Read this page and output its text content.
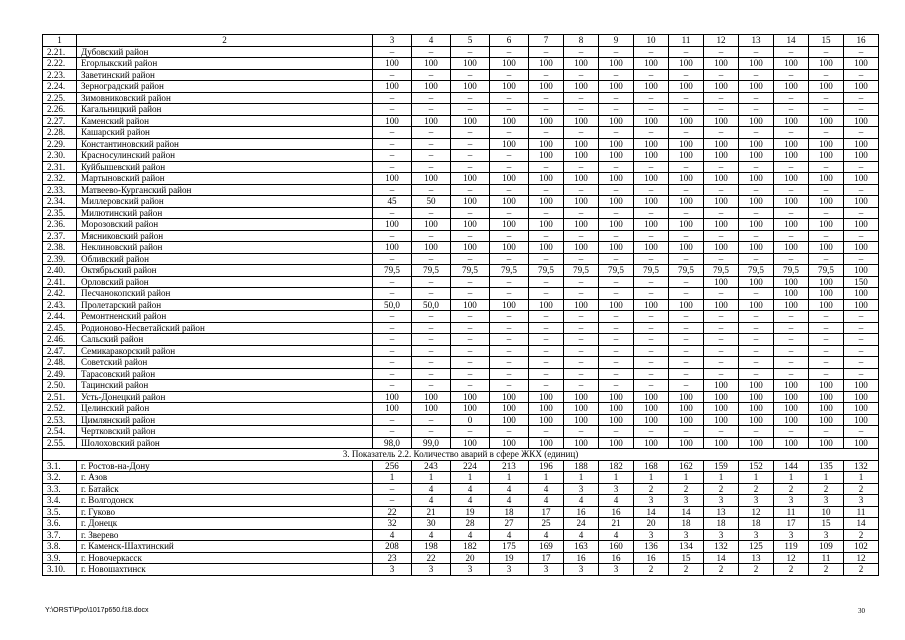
1	2	3	4	5	6	7	8	9	10	11	12	13	14	15	16
2.21.	Дубовский район	–	–	–	–	–	–	–	–	–	–	–	–	–	–
2.22.	Егорлыкский район	100	100	100	100	100	100	100	100	100	100	100	100	100	100
2.23.	Заветинский район	–	–	–	–	–	–	–	–	–	–	–	–	–	–
2.24.	Зерноградский район	100	100	100	100	100	100	100	100	100	100	100	100	100	100
2.25.	Зимовниковский район	–	–	–	–	–	–	–	–	–	–	–	–	–	–
2.26.	Кагальницкий район	–	–	–	–	–	–	–	–	–	–	–	–	–	–
2.27.	Каменский район	100	100	100	100	100	100	100	100	100	100	100	100	100	100
2.28.	Кашарский район	–	–	–	–	–	–	–	–	–	–	–	–	–	–
2.29.	Константиновский район	–	–	–	100	100	100	100	100	100	100	100	100	100	100
2.30.	Красносулинский район	–	–	–	–	100	100	100	100	100	100	100	100	100	100
2.31.	Куйбышевский район	–	–	–	–	–	–	–	–	–	–	–	–	–	–
2.32.	Мартыновский район	100	100	100	100	100	100	100	100	100	100	100	100	100	100
2.33.	Матвеево-Курганский район	–	–	–	–	–	–	–	–	–	–	–	–	–	–
2.34.	Миллеровский район	45	50	100	100	100	100	100	100	100	100	100	100	100	100
2.35.	Милютинский район	–	–	–	–	–	–	–	–	–	–	–	–	–	–
2.36.	Морозовский район	100	100	100	100	100	100	100	100	100	100	100	100	100	100
2.37.	Мясниковский район	–	–	–	–	–	–	–	–	–	–	–	–	–	–
2.38.	Неклиновский район	100	100	100	100	100	100	100	100	100	100	100	100	100	100
2.39.	Обливский район	–	–	–	–	–	–	–	–	–	–	–	–	–	–
2.40.	Октябрьский район	79,5	79,5	79,5	79,5	79,5	79,5	79,5	79,5	79,5	79,5	79,5	79,5	79,5	100
2.41.	Орловский район	–	–	–	–	–	–	–	–	–	100	100	100	100	150
2.42.	Песчанокопский район	–	–	–	–	–	–	–	–	–	–	–	100	100	100
2.43.	Пролетарский район	50,0	50,0	100	100	100	100	100	100	100	100	100	100	100	100
2.44.	Ремонтненский район	–	–	–	–	–	–	–	–	–	–	–	–	–	–
2.45.	Родионово-Несветайский район	–	–	–	–	–	–	–	–	–	–	–	–	–	–
2.46.	Сальский район	–	–	–	–	–	–	–	–	–	–	–	–	–	–
2.47.	Семикаракорский район	–	–	–	–	–	–	–	–	–	–	–	–	–	–
2.48.	Советский район	–	–	–	–	–	–	–	–	–	–	–	–	–	–
2.49.	Тарасовский район	–	–	–	–	–	–	–	–	–	–	–	–	–	–
2.50.	Тацинский район	–	–	–	–	–	–	–	–	–	100	100	100	100	100
2.51.	Усть-Донецкий район	100	100	100	100	100	100	100	100	100	100	100	100	100	100
2.52.	Целинский район	100	100	100	100	100	100	100	100	100	100	100	100	100	100
2.53.	Цимлянский район	–	–	0	100	100	100	100	100	100	100	100	100	100	100
2.54.	Чертковский район	–	–	–	–	–	–	–	–	–	–	–	–	–	–
2.55.	Шолоховский район	98,0	99,0	100	100	100	100	100	100	100	100	100	100	100	100
3. Показатель 2.2. Количество аварий в сфере ЖКХ (единиц)															
3.1.	г. Ростов-на-Дону	256	243	224	213	196	188	182	168	162	159	152	144	135	132
3.2.	г. Азов	1	1	1	1	1	1	1	1	1	1	1	1	1	1
3.3.	г. Батайск	–	4	4	4	4	3	3	2	2	2	2	2	2	2
3.4.	г. Волгодонск	–	4	4	4	4	4	4	3	3	3	3	3	3	3
3.5.	г. Гуково	22	21	19	18	17	16	16	14	14	13	12	11	10	11
3.6.	г. Донецк	32	30	28	27	25	24	21	20	18	18	18	17	15	14
3.7.	г. Зверево	4	4	4	4	4	4	4	3	3	3	3	3	3	2
3.8.	г. Каменск-Шахтинский	208	198	182	175	169	163	160	136	134	132	125	119	109	102
3.9.	г. Новочеркасск	23	22	20	19	17	16	16	16	15	14	13	12	11	12
3.10.	г. Новошахтинск	3	3	3	3	3	3	3	2	2	2	2	2	2	2
Y:\ORST\Ppo\1017p650.f18.docx	30
